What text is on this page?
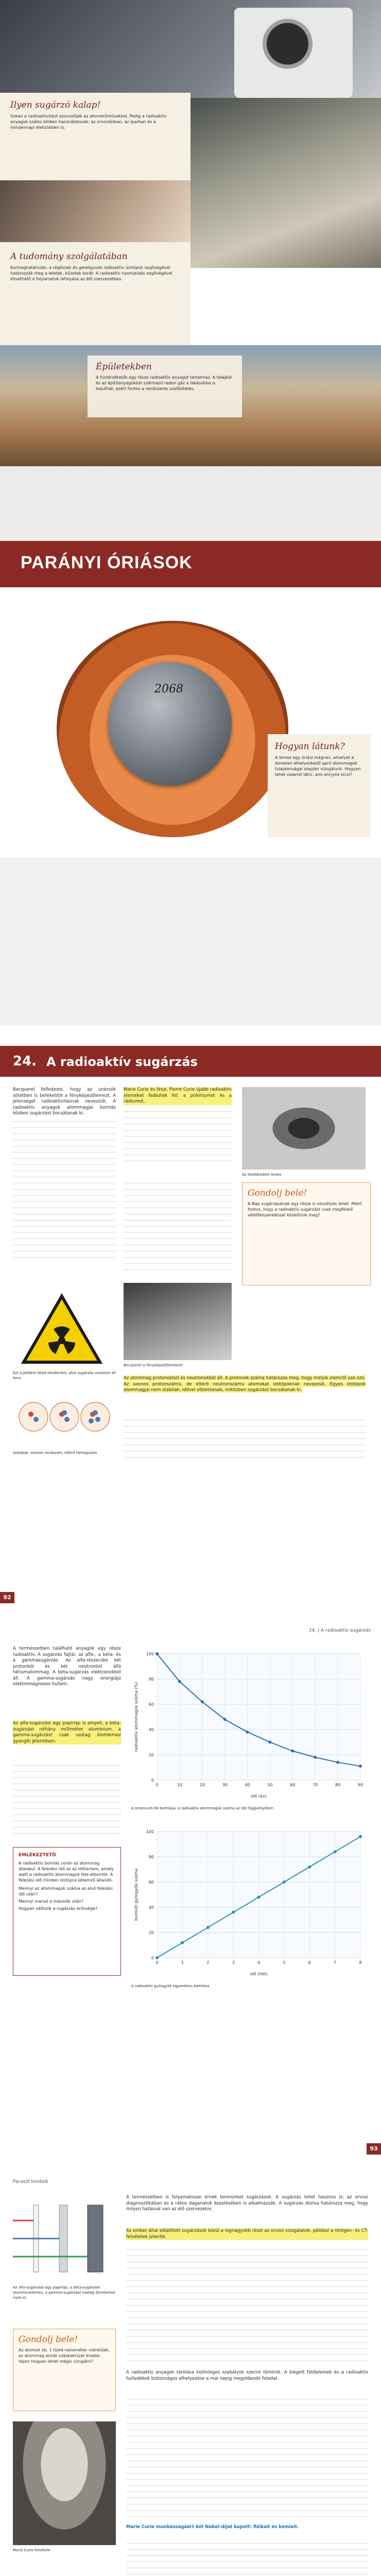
Ilyen sugárzó kalap!
Sokan a radioaktivitást azonosítják az atomerőművekkel. Pedig a radioaktív anyagok széles körben használatosak: az orvoslásban, az iparban és a mindennapi életünkben is.
A tudomány szolgálatában
Kormeghatározás: a régészek és geológusok radioaktív izotópok segítségével határozzák meg a leletek, kőzetek korát. A radioaktív nyomjelzés segítségével követhető a folyamatok lefolyása az élő szervezetben.
Épületekben
A füstérzékelők egy része radioaktív anyagot tartalmaz. A talajból és az építőanyagokból származó radon gáz a lakásokba is bejuthat, ezért fontos a rendszeres szellőztetés.
PARÁNYI ÓRIÁSOK
2068
Hogyan látunk?
A lemez egy óriási mágnes, amelyet a lemezen elhelyezkedő apró atommagok tulajdonságai alapján vizsgálunk. Hogyan lehet valamit látni, ami ennyire kicsi?
24. A radioaktív sugárzás
Becquerel felfedezte, hogy az uránsók sötétben is befeketítik a fényképezőlemezt. A jelenséget radioaktivitásnak nevezzük. A radioaktív anyagok atommagjai bomlás közben sugárzást bocsátanak ki.
Marie Curie és férje, Pierre Curie újabb radioaktív elemeket fedeztek fel: a polóniumot és a rádiumot.
Az elsötétedett lemez
Gondolj bele!
A Nap sugárzásának egy része is veszélyes lehet. Miért fontos, hogy a radioaktív sugárzást csak megfelelő védőfelszereléssel közelítsük meg?
Ezt a jelölést látod mindenhol, ahol sugárzás veszélye áll fenn
Becquerel a fényképezőlemezzel
Az atommag protonokból és neutronokból áll. A protonok száma határozza meg, hogy melyik elemről van szó. Az azonos protonszámú, de eltérő neutronszámú atomokat izotópoknak nevezzük. Egyes izotópok atommagjai nem stabilak: idővel elbomlanak, miközben sugárzást bocsátanak ki.
Izotópok: azonos rendszám, eltérő tömegszám
92
24. | A radioaktív sugárzás
A természetben található anyagok egy része radioaktív. A sugárzás fajtái: az alfa-, a béta- és a gammasugárzás. Az alfa-részecske két protonból és két neutronból álló héliumatommag. A béta-sugárzás elektronokból áll. A gamma-sugárzás nagy energiájú elektromágneses hullám.
Az alfa-sugárzást egy papírlap is elnyeli, a béta-sugárzást néhány milliméter alumínium, a gamma-sugárzást csak vastag ólomlemez gyengíti jelentősen.
EMLÉKEZTETŐ
A radioaktív bomlás során az atommag átalakul. A felezési idő az az időtartam, amely alatt a radioaktív atommagok fele elbomlik. A felezési idő minden izotópra jellemző állandó.
Mennyi az atommagok száma az első felezési idő után?
Mennyi marad a második után?
Hogyan változik a sugárzás erőssége?
0
20
40
60
80
100
0	10	20	30	40	50	60	70	80	90
idő (év)
radioaktív atommagok száma (%)
A stroncium-90 bomlása: a radioaktív atommagok száma az idő függvényében
0
20
40
60
80
100
0	1	2	3	4	5	6	7	8
idő (hét)
bomlott gyöngyök száma
A radioaktív gyöngyök egyenletes bomlása
93
Paraszt lombok
Az alfa-sugárzást egy papírlap, a béta-sugárzást alumíniumlemez, a gamma-sugárzást vastag ólomlemez nyeli el.
Gondolj bele!
Az atomok kb. 1 tized nanométer méretűek, az atommag ennél százezerszer kisebb. Vajon hogyan lehet mégis vizsgálni?
Marie Curie felvétele
A természetben is folyamatosan érnek bennünket sugárzások. A sugárzás lehet hasznos is: az orvosi diagnosztikában és a rákos daganatok kezelésében is alkalmazzák. A sugárzás dózisa határozza meg, hogy milyen hatással van az élő szervezetre.
Az ember által előállított sugárzások közül a legnagyobb részt az orvosi vizsgálatok, például a röntgen- és CT-felvételek jelentik.
A radioaktív anyagok tárolása különleges szabályok szerint történik. A kiégett fűtőelemek és a radioaktív hulladékok biztonságos elhelyezése a mai napig megoldandó feladat.
Marie Curie munkásságáért két Nobel-díjat kapott: fizikait és kémiait.
